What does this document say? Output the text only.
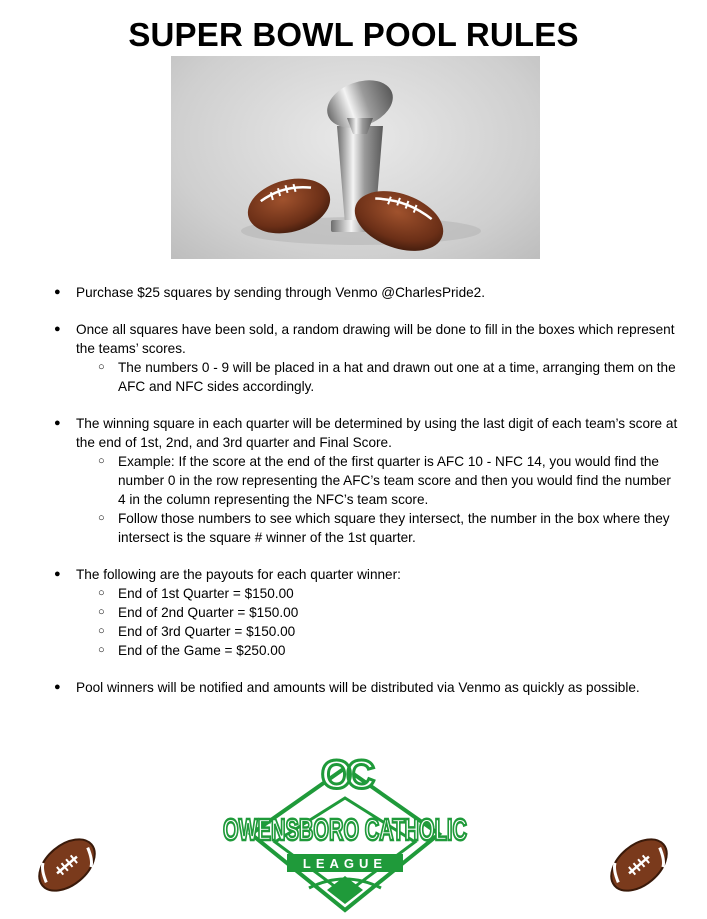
SUPER BOWL POOL RULES
● Purchase $25 squares by sending through Venmo @CharlesPride2.
● Once all squares have been sold, a random drawing will be done to fill in the boxes which represent the teams’ scores.
○ The numbers 0 - 9 will be placed in a hat and drawn out one at a time, arranging them on the AFC and NFC sides accordingly.
● The winning square in each quarter will be determined by using the last digit of each team’s score at the end of 1st, 2nd, and 3rd quarter and Final Score.
○ Example: If the score at the end of the first quarter is AFC 10 - NFC 14, you would find the number 0 in the row representing the AFC’s team score and then you would find the number 4 in the column representing the NFC’s team score.
○ Follow those numbers to see which square they intersect, the number in the box where they intersect is the square # winner of the 1st quarter.
● The following are the payouts for each quarter winner:
○ End of 1st Quarter = $150.00
○ End of 2nd Quarter = $150.00
○ End of 3rd Quarter = $150.00
○ End of the Game = $250.00
● Pool winners will be notified and amounts will be distributed via Venmo as quickly as possible.
OC
OWENSBORO CATHOLIC
LEAGUE
